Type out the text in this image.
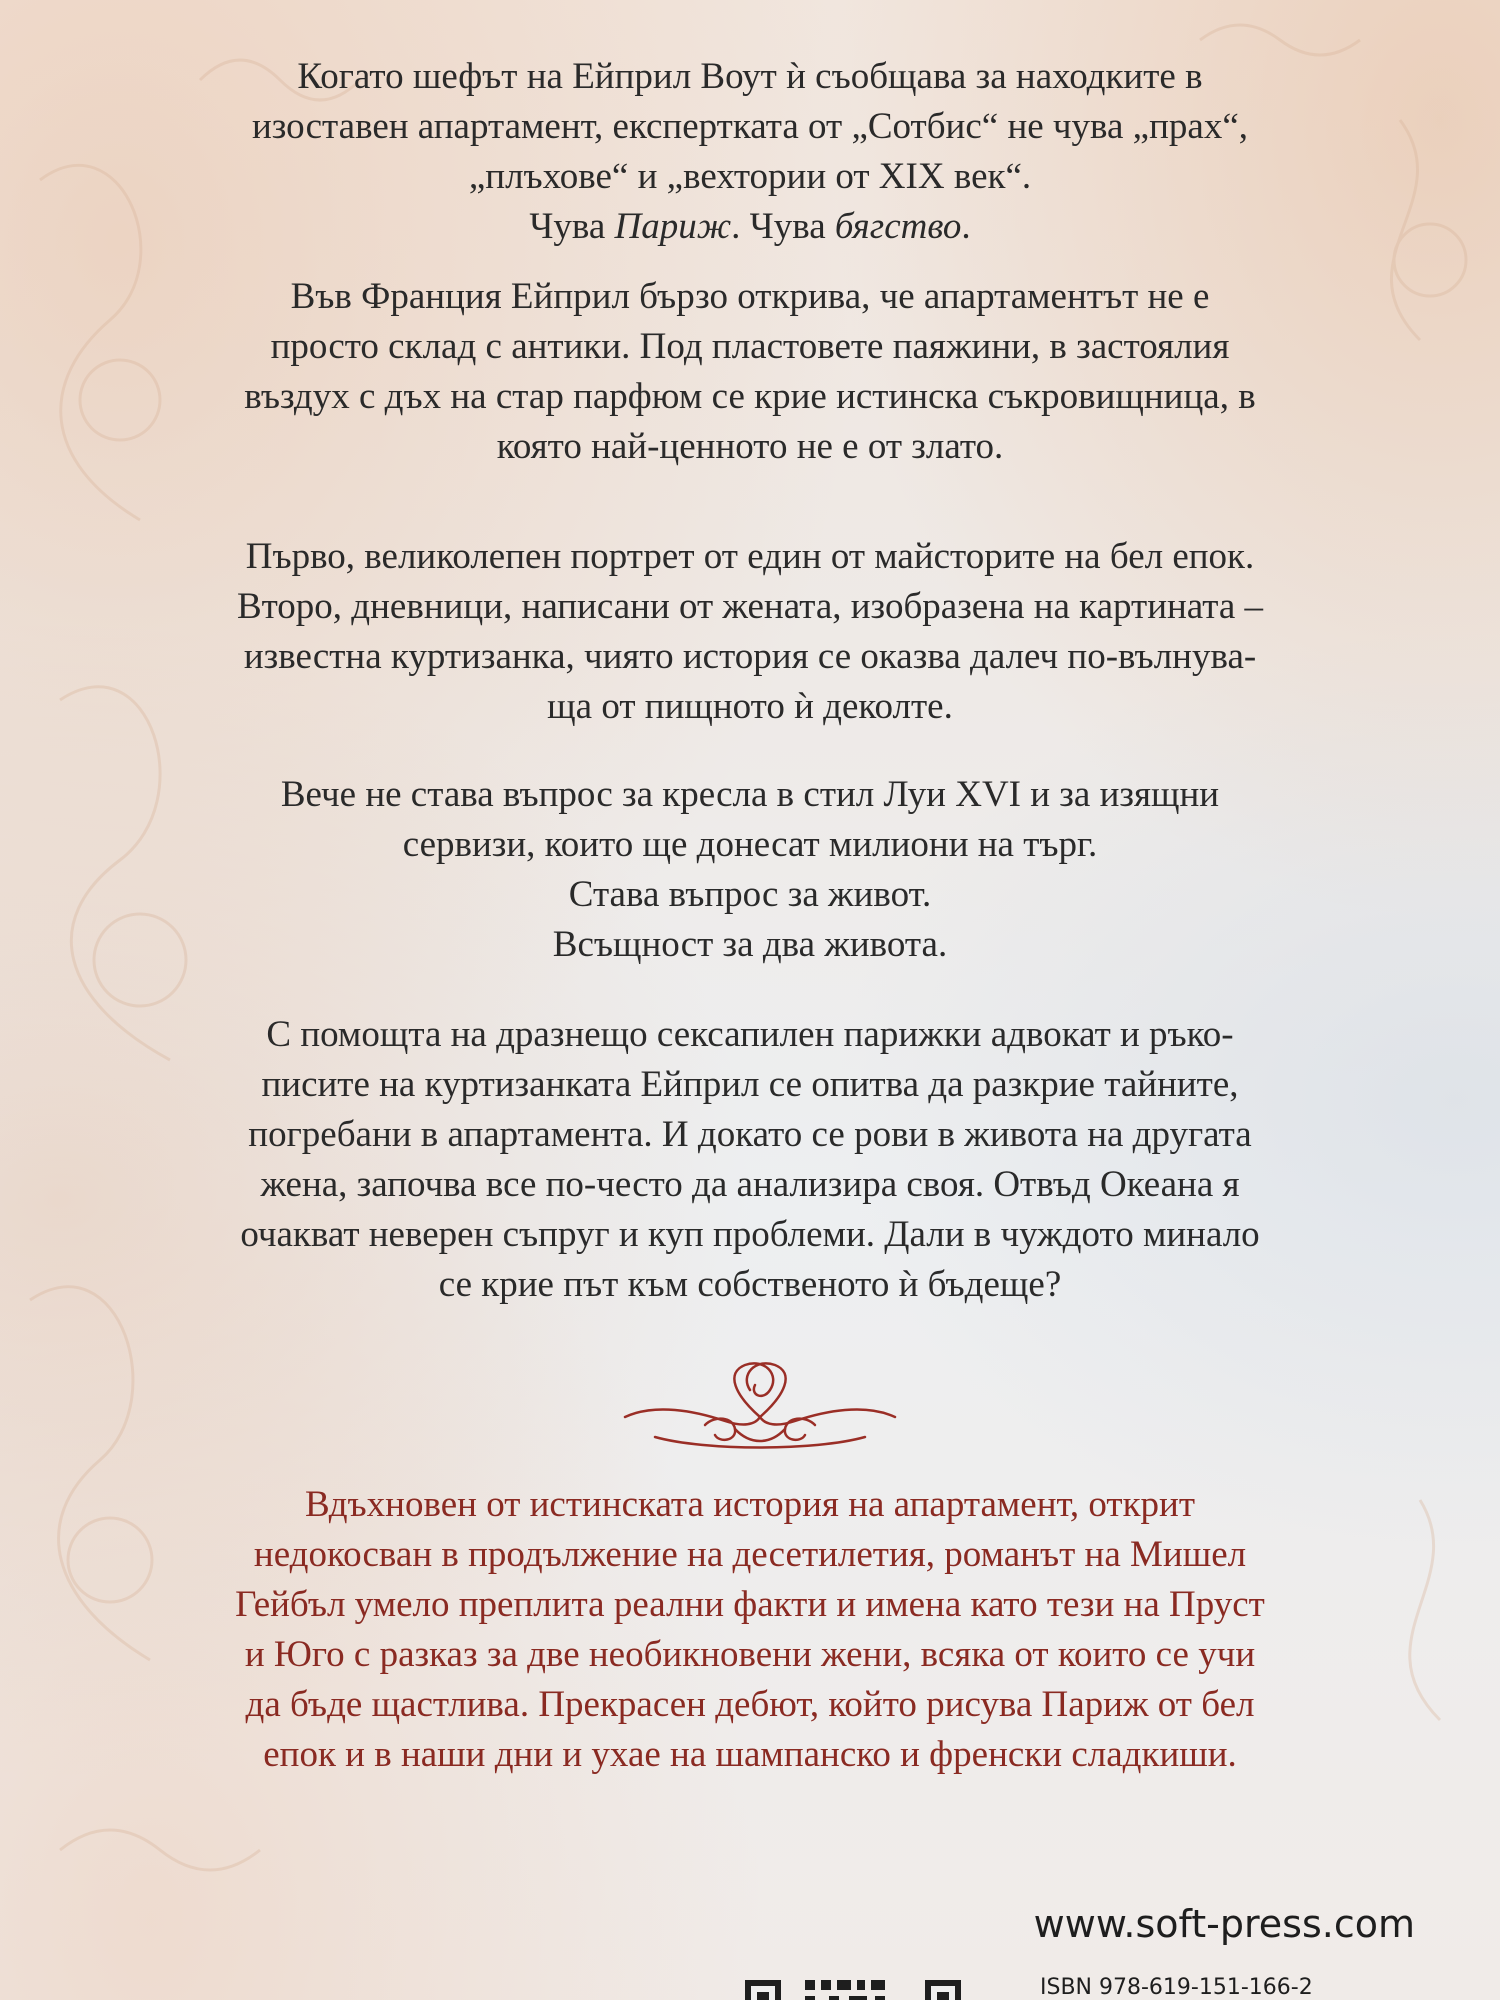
Когато шефът на Ейприл Воут ѝ съобщава за находките в
изоставен апартамент, експертката от „Сотбис“ не чува „прах“,
„плъхове“ и „вехтории от XIX век“.
Чува Париж. Чува бягство.
Във Франция Ейприл бързо открива, че апартаментът не е
просто склад с антики. Под пластовете паяжини, в застоялия
въздух с дъх на стар парфюм се крие истинска съкровищница, в
която най-ценното не е от злато.
Първо, великолепен портрет от един от майсторите на бел епок.
Второ, дневници, написани от жената, изобразена на картината –
известна куртизанка, чиято история се оказва далеч по-вълнува-
ща от пищното ѝ деколте.
Вече не става въпрос за кресла в стил Луи XVI и за изящни
сервизи, които ще донесат милиони на търг.
Става въпрос за живот.
Всъщност за два живота.
С помощта на дразнещо сексапилен парижки адвокат и ръко-
писите на куртизанката Ейприл се опитва да разкрие тайните,
погребани в апартамента. И докато се рови в живота на другата
жена, започва все по-често да анализира своя. Отвъд Океана я
очакват неверен съпруг и куп проблеми. Дали в чуждото минало
се крие път към собственото ѝ бъдеще?
Вдъхновен от истинската история на апартамент, открит
недокосван в продължение на десетилетия, романът на Мишел
Гейбъл умело преплита реални факти и имена като тези на Пруст
и Юго с разказ за две необикновени жени, всяка от които се учи
да бъде щастлива. Прекрасен дебют, който рисува Париж от бел
епок и в наши дни и ухае на шампанско и френски сладкиши.
www.soft-press.com
ISBN 978-619-151-166-2
